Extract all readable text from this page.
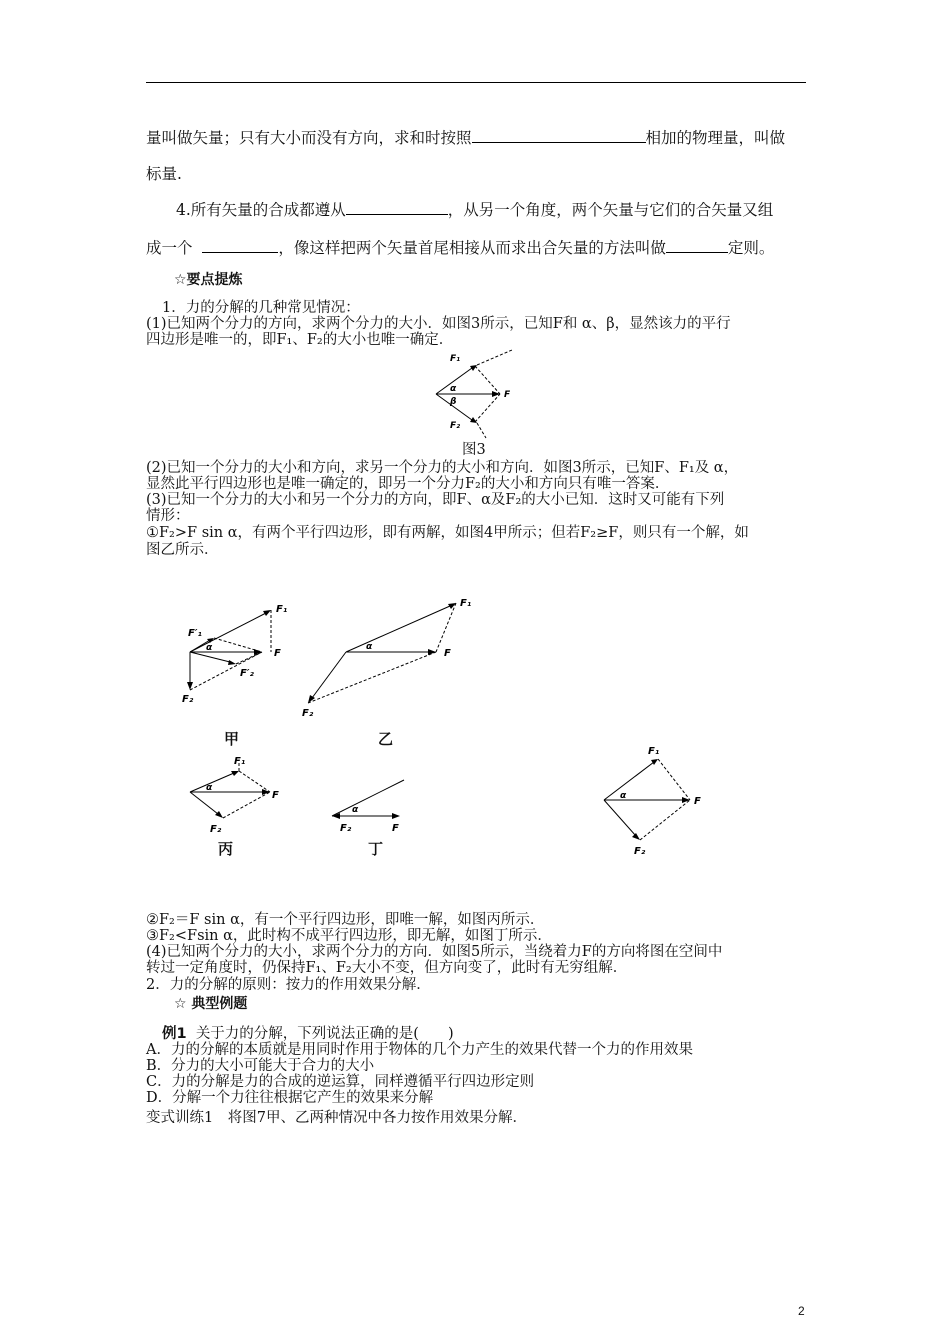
量叫做矢量；只有大小而没有方向，求和时按照	相加的物理量，叫做
标量.
4.所有矢量的合成都遵从	，从另一个角度，两个矢量与它们的合矢量又组
成一个	，像这样把两个矢量首尾相接从而求出合矢量的方法叫做	定则。
☆要点提炼
1．力的分解的几种常见情况：
(1)已知两个分力的方向，求两个分力的大小．如图3所示，已知F和 α、β，显然该力的平行
四边形是唯一的，即F₁、F₂的大小也唯一确定．
F₁
F
F₂
α
β
图3
(2)已知一个分力的大小和方向，求另一个分力的大小和方向．如图3所示，已知F、F₁及 α，
显然此平行四边形也是唯一确定的，即另一个分力F₂的大小和方向只有唯一答案．
(3)已知一个分力的大小和另一个分力的方向，即F、α及F₂的大小已知．这时又可能有下列
情形：
①F₂>F sin α，有两个平行四边形，即有两解，如图4甲所示；但若F₂≥F，则只有一个解，如
图乙所示．
F₁
F′₁
F
F′₂
F₂
α
甲
F₁
F
F₂
α
乙
F₁
F
F₂
α
丙
F₂	F
α
丁
F₁
F
F₂
α
②F₂＝F sin α，有一个平行四边形，即唯一解，如图丙所示．
③F₂<Fsin α，此时构不成平行四边形，即无解，如图丁所示．
(4)已知两个分力的大小，求两个分力的方向．如图5所示，当绕着力F的方向将图在空间中
转过一定角度时，仍保持F₁、F₂大小不变，但方向变了，此时有无穷组解．
2．力的分解的原则：按力的作用效果分解．
☆ 典型例题
例1 关于力的分解，下列说法正确的是(　　)
A．力的分解的本质就是用同时作用于物体的几个力产生的效果代替一个力的作用效果
B．分力的大小可能大于合力的大小
C．力的分解是力的合成的逆运算，同样遵循平行四边形定则
D．分解一个力往往根据它产生的效果来分解
变式训练1　将图7甲、乙两种情况中各力按作用效果分解．
2
